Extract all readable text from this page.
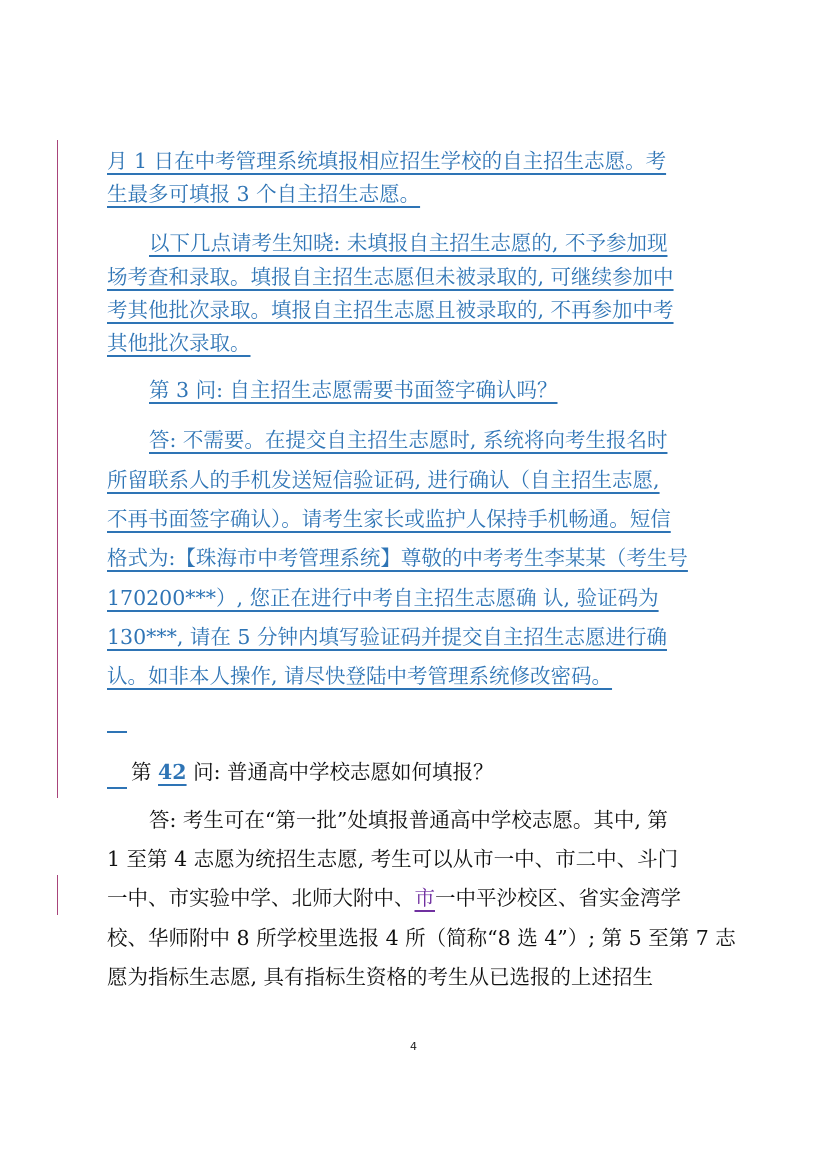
月 1 日在中考管理系统填报相应招生学校的自主招生志愿。考
生最多可填报 3 个自主招生志愿。
以下几点请考生知晓: 未填报自主招生志愿的, 不予参加现
场考查和录取。填报自主招生志愿但未被录取的, 可继续参加中
考其他批次录取。填报自主招生志愿且被录取的, 不再参加中考
其他批次录取。
第 3 问: 自主招生志愿需要书面签字确认吗？
答: 不需要。在提交自主招生志愿时, 系统将向考生报名时
所留联系人的手机发送短信验证码, 进行确认（自主招生志愿,
不再书面签字确认）。请考生家长或监护人保持手机畅通。短信
格式为:【珠海市中考管理系统】尊敬的中考考生李某某（考生号
170200***）, 您正在进行中考自主招生志愿确 认, 验证码为
130***, 请在 5 分钟内填写验证码并提交自主招生志愿进行确
认。如非本人操作, 请尽快登陆中考管理系统修改密码。
第 42 问: 普通高中学校志愿如何填报？
答: 考生可在“第一批”处填报普通高中学校志愿。其中, 第
1 至第 4 志愿为统招生志愿, 考生可以从市一中、市二中、斗门
一中、市实验中学、北师大附中、市一中平沙校区、省实金湾学
校、华师附中 8 所学校里选报 4 所（简称“8 选 4”）; 第 5 至第 7 志
愿为指标生志愿, 具有指标生资格的考生从已选报的上述招生
4
